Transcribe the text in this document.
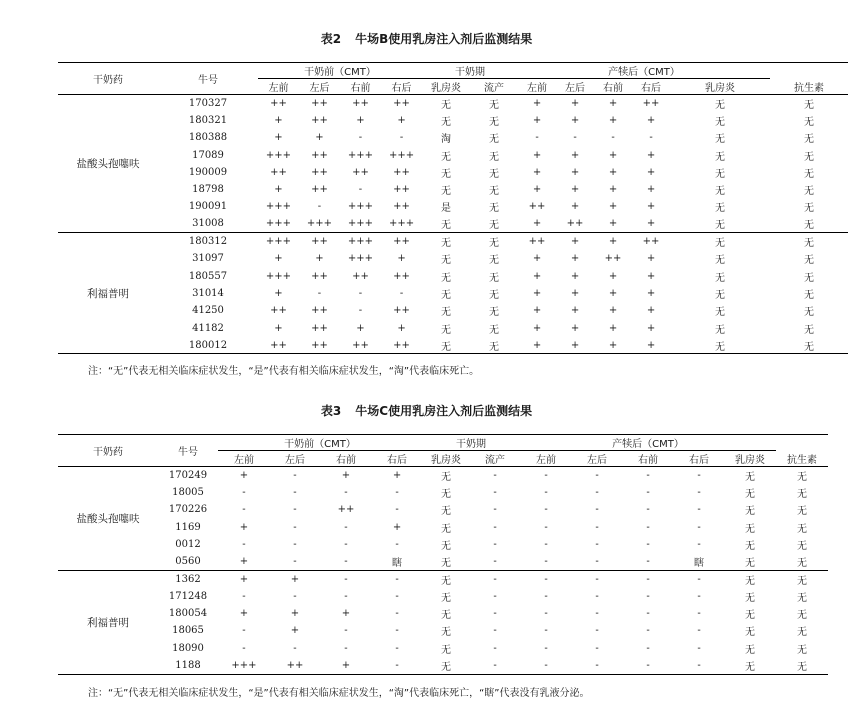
表2 牛场B使用乳房注入剂后监测结果
干奶药	牛号	干奶前（CMT）				干奶期		产犊后（CMT）					
		左前	左后	右前	右后	乳房炎	流产	左前	左后	右前	右后	乳房炎	抗生素
盐酸头孢噻呋	170327	++	++	++	++	无	无	+	+	+	++	无	无
	180321	+	++	+	+	无	无	+	+	+	+	无	无
	180388	+	+	-	-	淘	无	-	-	-	-	无	无
	17089	+++	++	+++	+++	无	无	+	+	+	+	无	无
	190009	++	++	++	++	无	无	+	+	+	+	无	无
	18798	+	++	-	++	无	无	+	+	+	+	无	无
	190091	+++	-	+++	++	是	无	++	+	+	+	无	无
	31008	+++	+++	+++	+++	无	无	+	++	+	+	无	无
利福普明	180312	+++	++	+++	++	无	无	++	+	+	++	无	无
	31097	+	+	+++	+	无	无	+	+	++	+	无	无
	180557	+++	++	++	++	无	无	+	+	+	+	无	无
	31014	+	-	-	-	无	无	+	+	+	+	无	无
	41250	++	++	-	++	无	无	+	+	+	+	无	无
	41182	+	++	+	+	无	无	+	+	+	+	无	无
	180012	++	++	++	++	无	无	+	+	+	+	无	无
注：“无”代表无相关临床症状发生，“是”代表有相关临床症状发生，“淘”代表临床死亡。
表3 牛场C使用乳房注入剂后监测结果
干奶药	牛号	干奶前（CMT）				干奶期		产犊后（CMT）					
		左前	左后	右前	右后	乳房炎	流产	左前	左后	右前	右后	乳房炎	抗生素
盐酸头孢噻呋	170249	+	-	+	+	无	-	-	-	-	-	无	无
	18005	-	-	-	-	无	-	-	-	-	-	无	无
	170226	-	-	++	-	无	-	-	-	-	-	无	无
	1169	+	-	-	+	无	-	-	-	-	-	无	无
	0012	-	-	-	-	无	-	-	-	-	-	无	无
	0560	+	-	-	瞎	无	-	-	-	-	瞎	无	无
利福普明	1362	+	+	-	-	无	-	-	-	-	-	无	无
	171248	-	-	-	-	无	-	-	-	-	-	无	无
	180054	+	+	+	-	无	-	-	-	-	-	无	无
	18065	-	+	-	-	无	-	-	-	-	-	无	无
	18090	-	-	-	-	无	-	-	-	-	-	无	无
	1188	+++	++	+	-	无	-	-	-	-	-	无	无
注：“无”代表无相关临床症状发生，“是”代表有相关临床症状发生，“淘”代表临床死亡，“瞎”代表没有乳液分泌。
